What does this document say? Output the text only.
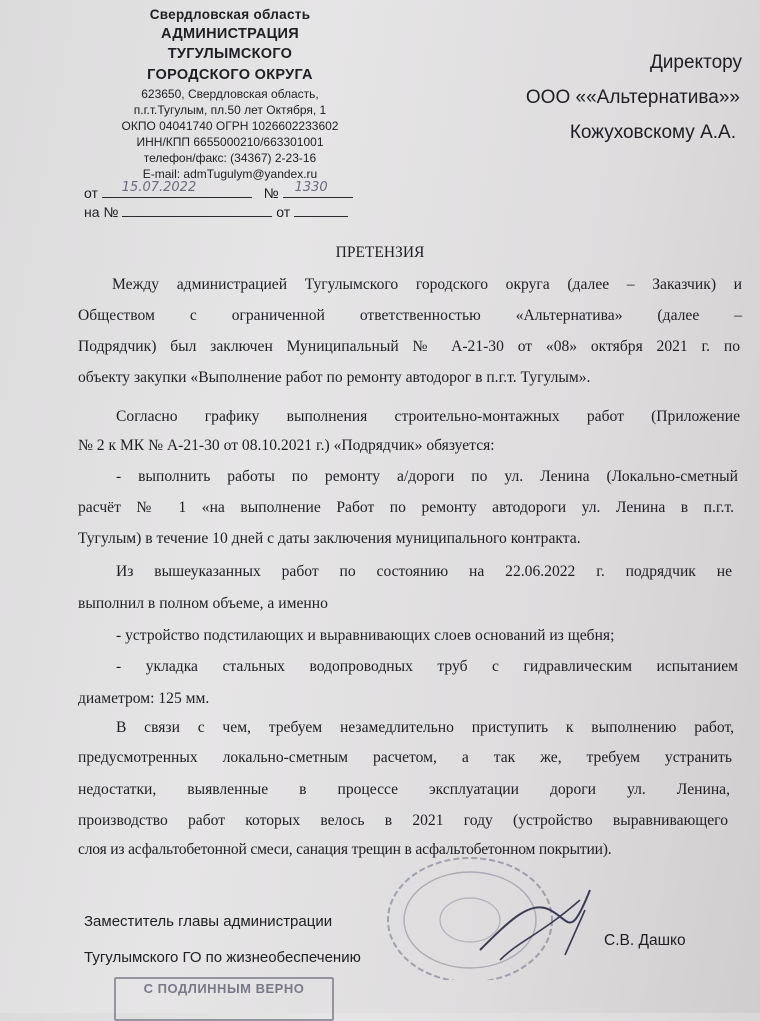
Свердловская область
АДМИНИСТРАЦИЯ
ТУГУЛЫМСКОГО
ГОРОДСКОГО ОКРУГА
623650, Свердловская область,
п.г.т.Тугулым, пл.50 лет Октября, 1
ОКПО 04041740 ОГРН 1026602233602
ИНН/КПП 6655000210/663301001
телефон/факс: (34367) 2-23-16
E-mail: admTugulym@yandex.ru
от 15.07.2022	№ 1330
на №	от
Директору
ООО ««Альтернатива»»
Кожуховскому А.А.
ПРЕТЕНЗИЯ
Между администрацией Тугулымского городского округа (далее – Заказчик) и
Обществом с ограниченной ответственностью «Альтернатива» (далее –
Подрядчик) был заключен Муниципальный № А-21-30 от «08» октября 2021 г. по
объекту закупки «Выполнение работ по ремонту автодорог в п.г.т. Тугулым».
Согласно графику выполнения строительно-монтажных работ (Приложение
№ 2 к МК № А-21-30 от 08.10.2021 г.) «Подрядчик» обязуется:
- выполнить работы по ремонту а/дороги по ул. Ленина (Локально-сметный
расчёт № 1 «на выполнение Работ по ремонту автодороги ул. Ленина в п.г.т.
Тугулым) в течение 10 дней с даты заключения муниципального контракта.
Из вышеуказанных работ по состоянию на 22.06.2022 г. подрядчик не
выполнил в полном объеме, а именно
- устройство подстилающих и выравнивающих слоев оснований из щебня;
- укладка стальных водопроводных труб с гидравлическим испытанием
диаметром: 125 мм.
В связи с чем, требуем незамедлительно приступить к выполнению работ,
предусмотренных локально-сметным расчетом, а так же, требуем устранить
недостатки, выявленные в процессе эксплуатации дороги ул. Ленина,
производство работ которых велось в 2021 году (устройство выравнивающего
слоя из асфальтобетонной смеси, санация трещин в асфальтобетонном покрытии).
Заместитель главы администрации
Тугулымского ГО по жизнеобеспечению
С.В. Дашко
С ПОДЛИННЫМ ВЕРНО
